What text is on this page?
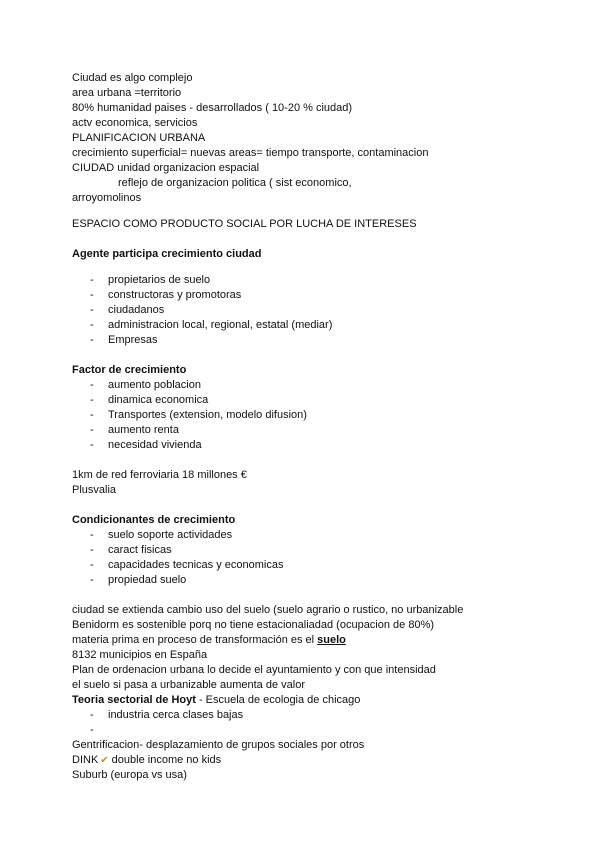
Ciudad es algo complejo
area urbana =territorio
80% humanidad paises - desarrollados ( 10-20 % ciudad)
actv economica, servicios
PLANIFICACION URBANA
crecimiento superficial= nuevas areas= tiempo transporte, contaminacion
CIUDAD unidad organizacion espacial
reflejo de organizacion politica ( sist economico,
arroyomolinos
ESPACIO COMO PRODUCTO SOCIAL POR LUCHA DE INTERESES
Agente participa crecimiento ciudad
- propietarios de suelo
- constructoras y promotoras
- ciudadanos
- administracion local, regional, estatal (mediar)
- Empresas
Factor de crecimiento
- aumento poblacion
- dinamica economica
- Transportes (extension, modelo difusion)
- aumento renta
- necesidad vivienda
1km de red ferroviaria 18 millones €
Plusvalia
Condicionantes de crecimiento
- suelo soporte actividades
- caract fisicas
- capacidades tecnicas y economicas
- propiedad suelo
ciudad se extienda cambio uso del suelo (suelo agrario o rustico, no urbanizable
Benidorm es sostenible porq no tiene estacionaliadad (ocupacion de 80%)
materia prima en proceso de transformación es el suelo
8132 municipios en España
Plan de ordenacion urbana lo decide el ayuntamiento y con que intensidad
el suelo si pasa a urbanizable aumenta de valor
Teoria sectorial de Hoyt - Escuela de ecologia de chicago
- industria cerca clases bajas
-

Gentrificacion- desplazamiento de grupos sociales por otros
DINK ✔ double income no kids
Suburb (europa vs usa)
